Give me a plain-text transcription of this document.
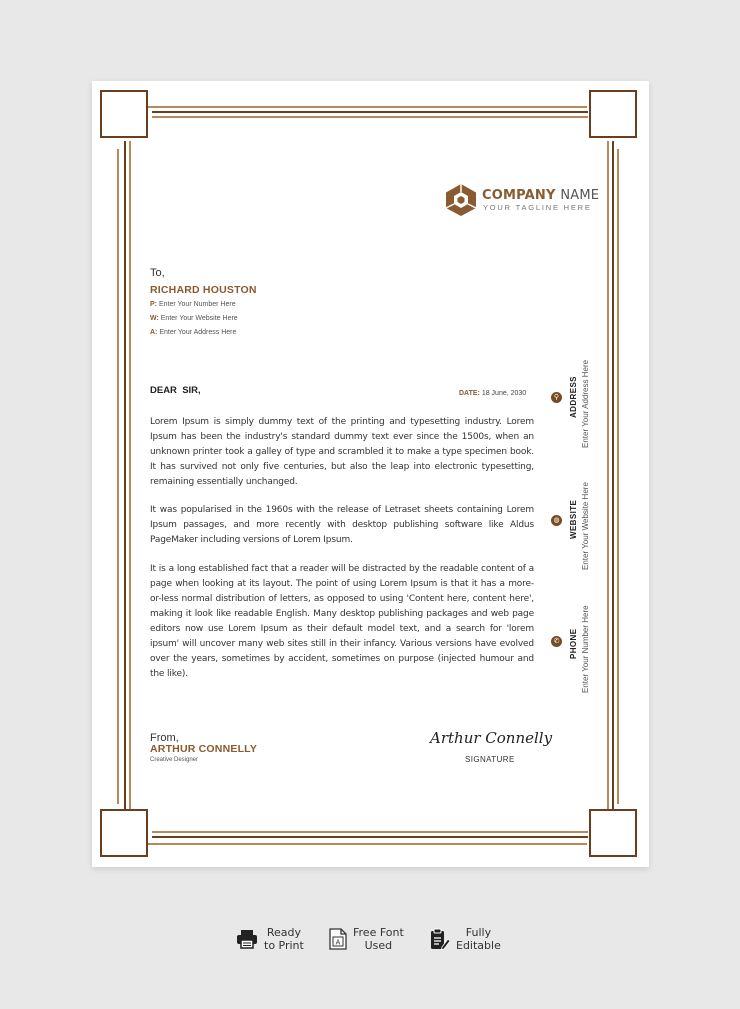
COMPANY NAME
YOUR TAGLINE HERE
To,
RICHARD HOUSTON
P: Enter Your Number Here
W: Enter Your Website Here
A: Enter Your Address Here
DEAR  SIR,	DATE: 18 June, 2030
Lorem Ipsum is simply dummy text of the printing and typesetting industry. Lorem Ipsum has been the industry's standard dummy text ever since the 1500s, when an unknown printer took a galley of type and scrambled it to make a type specimen book. It has survived not only five centuries, but also the leap into electronic typesetting, remaining essentially unchanged.
It was popularised in the 1960s with the release of Letraset sheets containing Lorem Ipsum passages, and more recently with desktop publishing software like Aldus PageMaker including versions of Lorem Ipsum.
It is a long established fact that a reader will be distracted by the readable content of a page when looking at its layout. The point of using Lorem Ipsum is that it has a more-or-less normal distribution of letters, as opposed to using 'Content here, content here', making it look like readable English. Many desktop publishing packages and web page editors now use Lorem Ipsum as their default model text, and a search for 'lorem ipsum' will uncover many web sites still in their infancy. Various versions have evolved over the years, sometimes by accident, sometimes on purpose (injected humour and the like).
From,
ARTHUR CONNELLY
Creative Designer
Arthur Connelly
SIGNATURE
⚲	ADDRESS Enter Your Address Here
◍	WEBSITE Enter Your Website Here
✆	PHONE Enter Your Number Here
Ready
to Print	A
Free Font
Used
Fully
Editable
